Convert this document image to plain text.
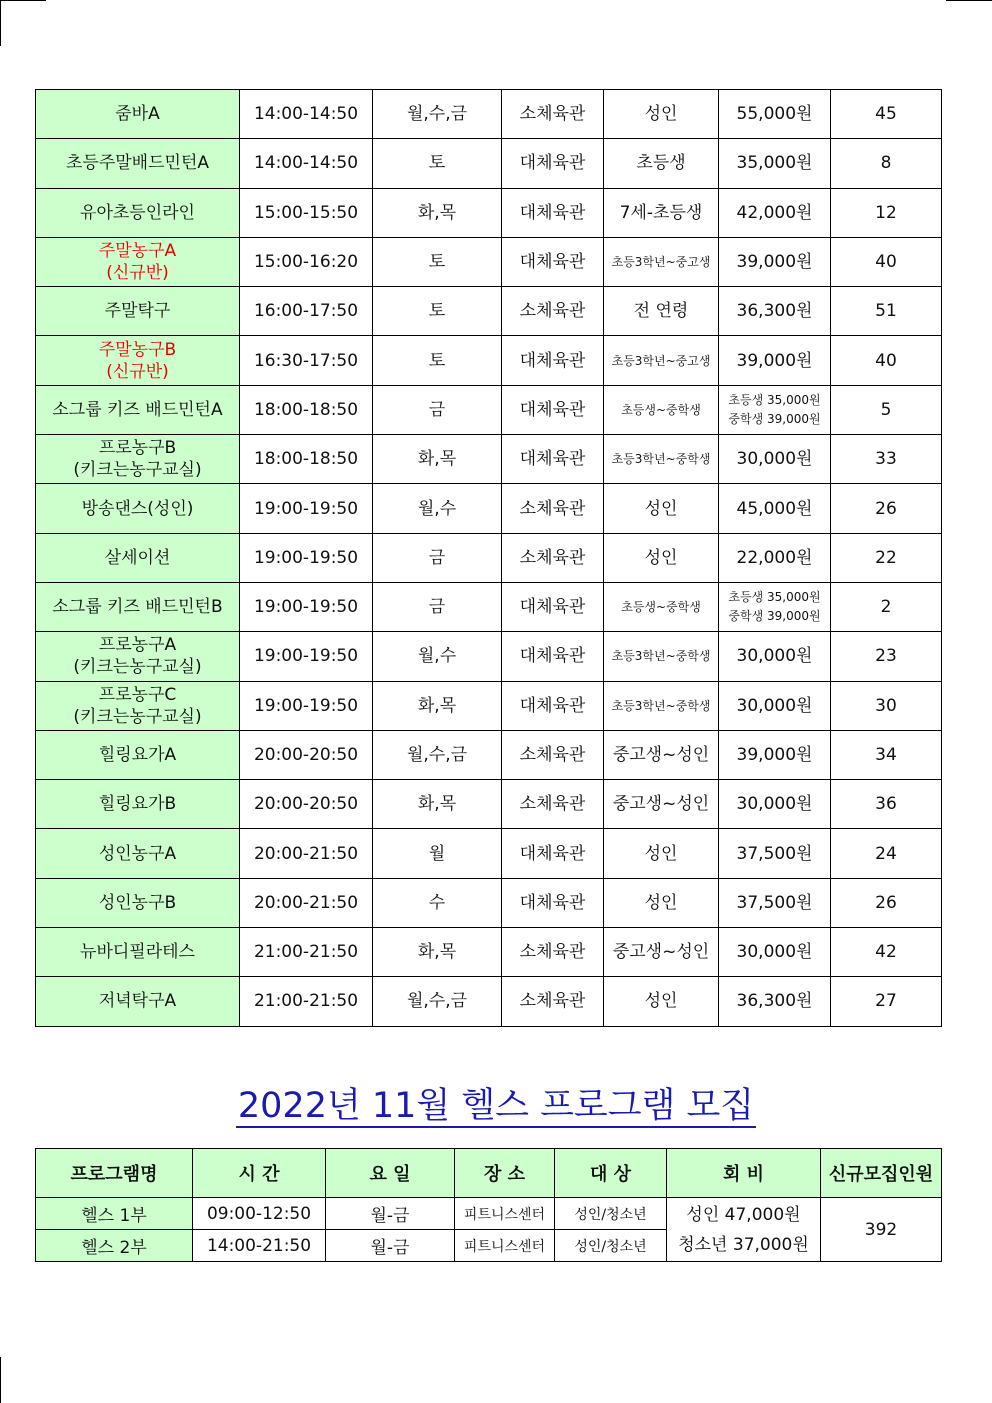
줌바A	14:00-14:50	월,수,금	소체육관	성인	55,000원	45

초등주말배드민턴A	14:00-14:50	토	대체육관	초등생	35,000원	8

유아초등인라인	15:00-15:50	화,목	대체육관	7세-초등생	42,000원	12

주말농구A
(신규반)	15:00-16:20	토	대체육관	초등3학년~중고생	39,000원	40

주말탁구	16:00-17:50	토	소체육관	전 연령	36,300원	51

주말농구B
(신규반)	16:30-17:50	토	대체육관	초등3학년~중고생	39,000원	40

소그룹 키즈 배드민턴A	18:00-18:50	금	대체육관	초등생~중학생	초등생 35,000원
중학생 39,000원	5

프로농구B
(키크는농구교실)	18:00-18:50	화,목	대체육관	초등3학년~중학생	30,000원	33

방송댄스(성인)	19:00-19:50	월,수	소체육관	성인	45,000원	26

살세이션	19:00-19:50	금	소체육관	성인	22,000원	22

소그룹 키즈 배드민턴B	19:00-19:50	금	대체육관	초등생~중학생	초등생 35,000원
중학생 39,000원	2

프로농구A
(키크는농구교실)	19:00-19:50	월,수	대체육관	초등3학년~중학생	30,000원	23

프로농구C
(키크는농구교실)	19:00-19:50	화,목	대체육관	초등3학년~중학생	30,000원	30

힐링요가A	20:00-20:50	월,수,금	소체육관	중고생~성인	39,000원	34

힐링요가B	20:00-20:50	화,목	소체육관	중고생~성인	30,000원	36

성인농구A	20:00-21:50	월	대체육관	성인	37,500원	24

성인농구B	20:00-21:50	수	대체육관	성인	37,500원	26

뉴바디필라테스	21:00-21:50	화,목	소체육관	중고생~성인	30,000원	42

저녁탁구A	21:00-21:50	월,수,금	소체육관	성인	36,300원	27
2022년 11월 헬스 프로그램 모집
프로그램명	시 간	요 일	장 소	대 상	회 비	신규모집인원
헬스 1부	09:00-12:50	월-금	피트니스센터	성인/청소년	성인 47,000원
청소년 37,000원	392
헬스 2부	14:00-21:50	월-금	피트니스센터	성인/청소년		
